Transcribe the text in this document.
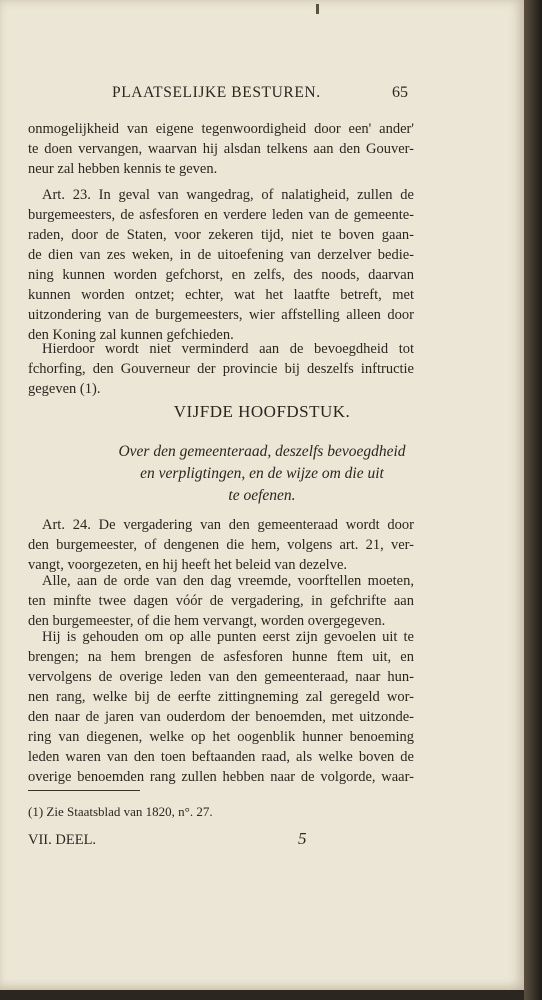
PLAATSELIJKE BESTUREN.	65
onmogelijkheid van eigene tegenwoordigheid door een' ander'
te doen vervangen, waarvan hij alsdan telkens aan den Gouver-
neur zal hebben kennis te geven.
Art. 23. In geval van wangedrag, of nalatigheid, zullen de
burgemeesters, de asfesforen en verdere leden van de gemeente-
raden, door de Staten, voor zekeren tijd, niet te boven gaan-
de dien van zes weken, in de uitoefening van derzelver bedie-
ning kunnen worden gefchorst, en zelfs, des noods, daarvan
kunnen worden ontzet; echter, wat het laatfte betreft, met
uitzondering van de burgemeesters, wier affstelling alleen door
den Koning zal kunnen gefchieden.
Hierdoor wordt niet verminderd aan de bevoegdheid tot
fchorfing, den Gouverneur der provincie bij deszelfs inftructie
gegeven (1).
VIJFDE HOOFDSTUK.
Over den gemeenteraad, deszelfs bevoegdheid
en verpligtingen, en de wijze om die uit
te oefenen.
Art. 24. De vergadering van den gemeenteraad wordt door
den burgemeester, of dengenen die hem, volgens art. 21, ver-
vangt, voorgezeten, en hij heeft het beleid van dezelve.
Alle, aan de orde van den dag vreemde, voorftellen moeten,
ten minfte twee dagen vóór de vergadering, in gefchrifte aan
den burgemeester, of die hem vervangt, worden overgegeven.
Hij is gehouden om op alle punten eerst zijn gevoelen uit te
brengen; na hem brengen de asfesforen hunne ftem uit, en
vervolgens de overige leden van den gemeenteraad, naar hun-
nen rang, welke bij de eerfte zittingneming zal geregeld wor-
den naar de jaren van ouderdom der benoemden, met uitzonde-
ring van diegenen, welke op het oogenblik hunner benoeming
leden waren van den toen beftaanden raad, als welke boven de
overige benoemden rang zullen hebben naar de volgorde, waar-
(1) Zie Staatsblad van 1820, n°. 27.
VII. DEEL.	5
